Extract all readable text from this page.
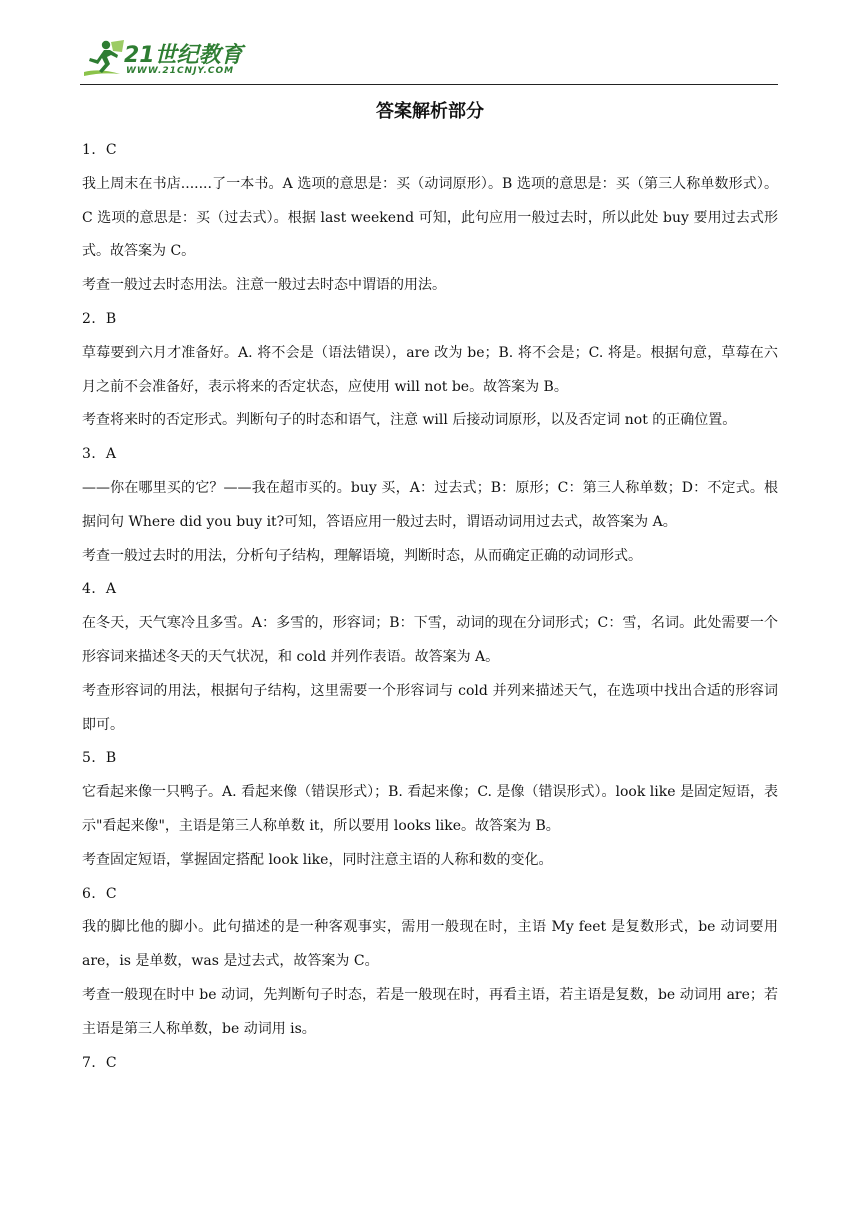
21世纪教育
WWW.21CNJY.COM
答案解析部分

1．C

我上周末在书店.......了一本书。A 选项的意思是：买（动词原形）。B 选项的意思是：买（第三人称单数形式）。C 选项的意思是：买（过去式）。根据 last weekend 可知，此句应用一般过去时，所以此处 buy 要用过去式形式。故答案为 C。

考查一般过去时态用法。注意一般过去时态中谓语的用法。

2．B

草莓要到六月才准备好。A. 将不会是（语法错误），are 改为 be；B. 将不会是；C. 将是。根据句意，草莓在六月之前不会准备好，表示将来的否定状态，应使用 will not be。故答案为 B。

考查将来时的否定形式。判断句子的时态和语气，注意 will 后接动词原形，以及否定词 not 的正确位置。

3．A

——你在哪里买的它？——我在超市买的。buy 买，A：过去式；B：原形；C：第三人称单数；D：不定式。根据问句 Where did you buy it?可知，答语应用一般过去时，谓语动词用过去式，故答案为 A。

考查一般过去时的用法，分析句子结构，理解语境，判断时态，从而确定正确的动词形式。

4．A

在冬天，天气寒冷且多雪。A：多雪的，形容词；B：下雪，动词的现在分词形式；C：雪，名词。此处需要一个形容词来描述冬天的天气状况，和 cold 并列作表语。故答案为 A。

考查形容词的用法，根据句子结构，这里需要一个形容词与 cold 并列来描述天气，在选项中找出合适的形容词即可。

5．B

它看起来像一只鸭子。A. 看起来像（错误形式）；B. 看起来像；C. 是像（错误形式）。look like 是固定短语，表示"看起来像"，主语是第三人称单数 it，所以要用 looks like。故答案为 B。

考查固定短语，掌握固定搭配 look like，同时注意主语的人称和数的变化。

6．C

我的脚比他的脚小。此句描述的是一种客观事实，需用一般现在时，主语 My feet 是复数形式，be 动词要用 are，is 是单数，was 是过去式，故答案为 C。

考查一般现在时中 be 动词，先判断句子时态，若是一般现在时，再看主语，若主语是复数，be 动词用 are；若主语是第三人称单数，be 动词用 is。

7．C
